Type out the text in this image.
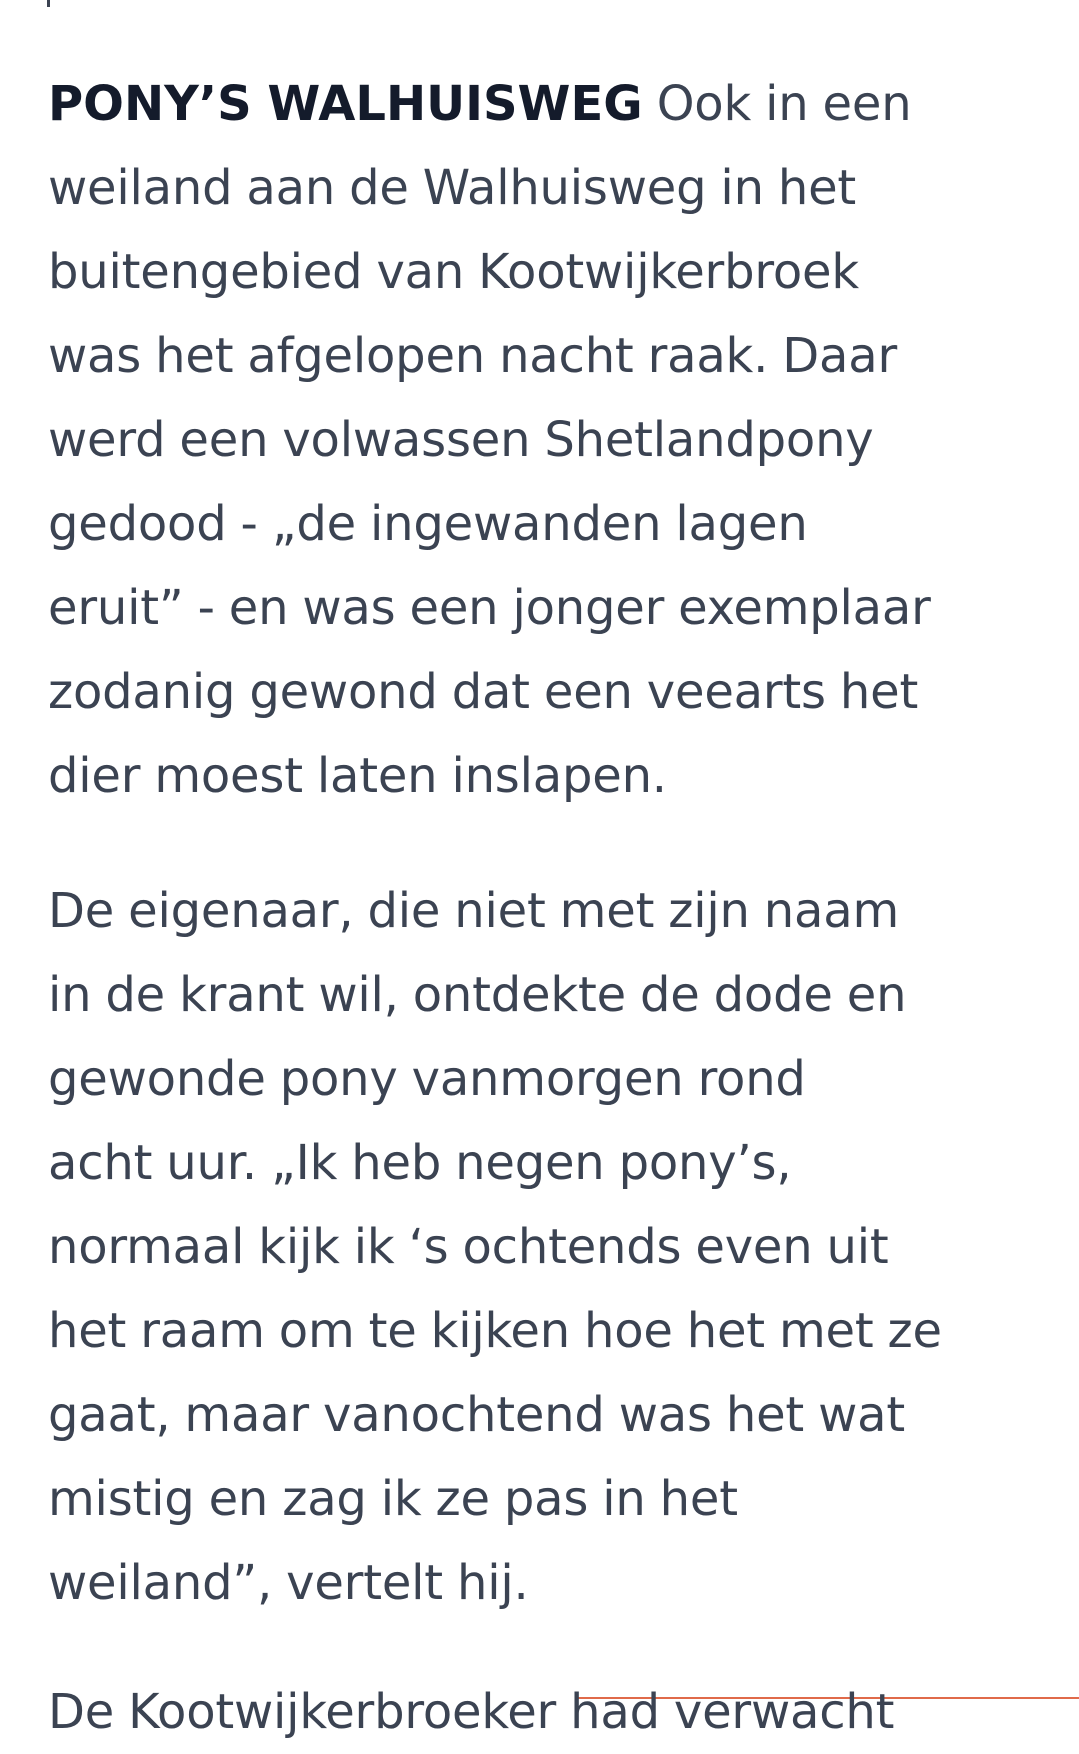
PONY’S WALHUISWEG Ook in een
weiland aan de Walhuisweg in het
buitengebied van Kootwijkerbroek
was het afgelopen nacht raak. Daar
werd een volwassen Shetlandpony
gedood - „de ingewanden lagen
eruit” - en was een jonger exemplaar
zodanig gewond dat een veearts het
dier moest laten inslapen.

De eigenaar, die niet met zijn naam
in de krant wil, ontdekte de dode en
gewonde pony vanmorgen rond
acht uur. „Ik heb negen pony’s,
normaal kijk ik ‘s ochtends even uit
het raam om te kijken hoe het met ze
gaat, maar vanochtend was het wat
mistig en zag ik ze pas in het
weiland”, vertelt hij.

De Kootwijkerbroeker had verwacht
